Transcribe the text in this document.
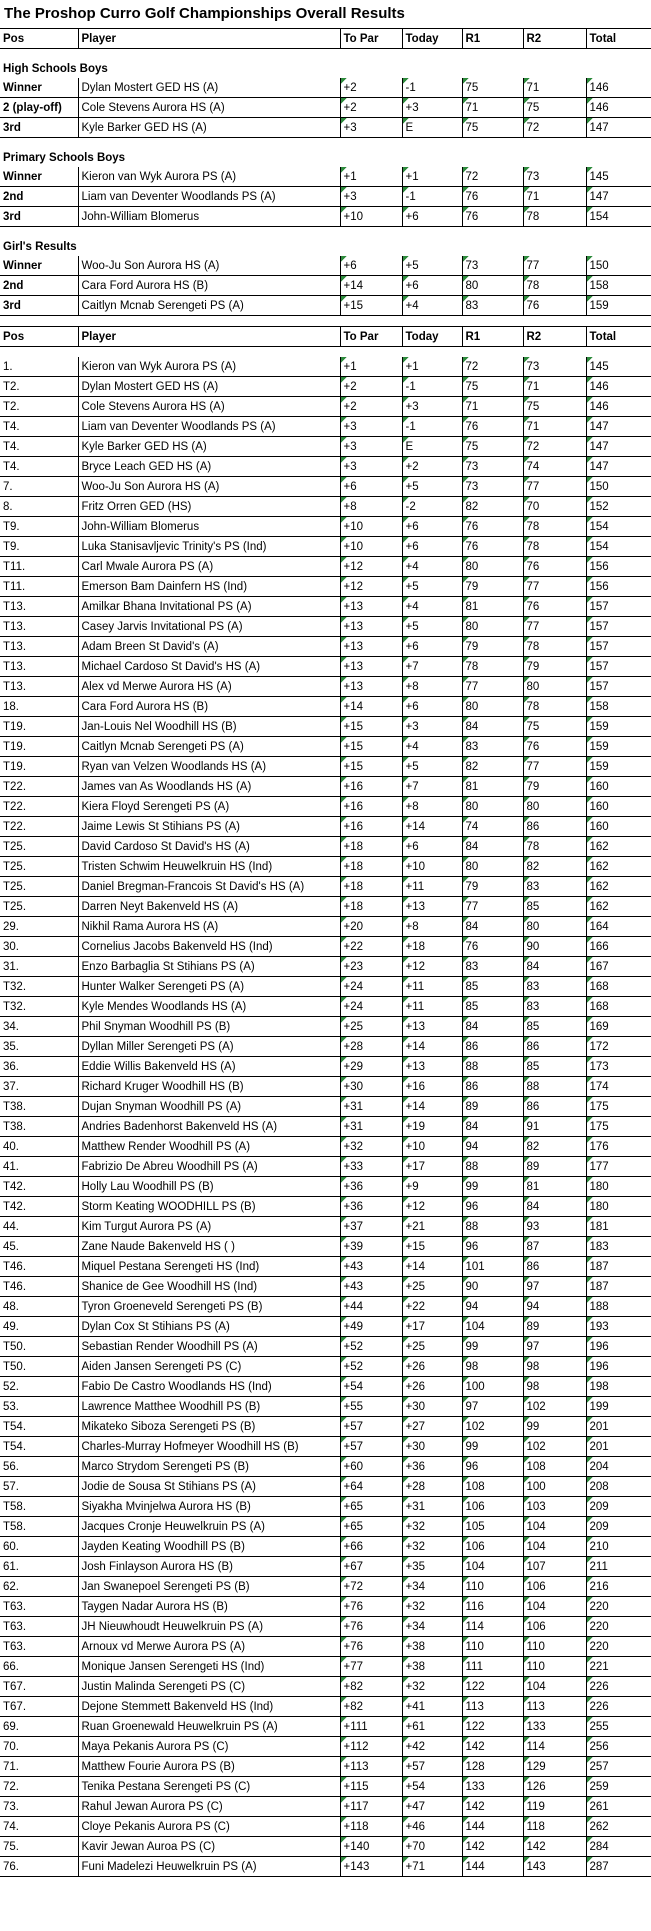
The Proshop Curro Golf Championships Overall Results
Pos	Player	To Par	Today	R1	R2	Total

High Schools Boys						
Winner	Dylan Mostert GED HS (A)	+2	-1	75	71	146
2 (play-off)	Cole Stevens Aurora HS (A)	+2	+3	71	75	146
3rd	Kyle Barker GED HS (A)	+3	E	75	72	147

Primary Schools Boys						
Winner	Kieron van Wyk Aurora PS (A)	+1	+1	72	73	145
2nd	Liam van Deventer Woodlands PS (A)	+3	-1	76	71	147
3rd	John-William Blomerus	+10	+6	76	78	154

Girl's Results						
Winner	Woo-Ju Son Aurora HS (A)	+6	+5	73	77	150
2nd	Cara Ford Aurora HS (B)	+14	+6	80	78	158
3rd	Caitlyn Mcnab Serengeti PS (A)	+15	+4	83	76	159

Pos	Player	To Par	Today	R1	R2	Total

1.	Kieron van Wyk Aurora PS (A)	+1	+1	72	73	145
T2.	Dylan Mostert GED HS (A)	+2	-1	75	71	146
T2.	Cole Stevens Aurora HS (A)	+2	+3	71	75	146
T4.	Liam van Deventer Woodlands PS (A)	+3	-1	76	71	147
T4.	Kyle Barker GED HS (A)	+3	E	75	72	147
T4.	Bryce Leach GED HS (A)	+3	+2	73	74	147
7.	Woo-Ju Son Aurora HS (A)	+6	+5	73	77	150
8.	Fritz Orren GED (HS)	+8	-2	82	70	152
T9.	John-William Blomerus	+10	+6	76	78	154
T9.	Luka Stanisavljevic Trinity's PS (Ind)	+10	+6	76	78	154
T11.	Carl Mwale Aurora PS (A)	+12	+4	80	76	156
T11.	Emerson Bam Dainfern HS (Ind)	+12	+5	79	77	156
T13.	Amilkar Bhana Invitational PS (A)	+13	+4	81	76	157
T13.	Casey Jarvis Invitational PS (A)	+13	+5	80	77	157
T13.	Adam Breen St David's (A)	+13	+6	79	78	157
T13.	Michael Cardoso St David's HS (A)	+13	+7	78	79	157
T13.	Alex vd Merwe Aurora HS (A)	+13	+8	77	80	157
18.	Cara Ford Aurora HS (B)	+14	+6	80	78	158
T19.	Jan-Louis Nel Woodhill HS (B)	+15	+3	84	75	159
T19.	Caitlyn Mcnab Serengeti PS (A)	+15	+4	83	76	159
T19.	Ryan van Velzen Woodlands HS (A)	+15	+5	82	77	159
T22.	James van As Woodlands HS (A)	+16	+7	81	79	160
T22.	Kiera Floyd Serengeti PS (A)	+16	+8	80	80	160
T22.	Jaime Lewis St Stihians PS (A)	+16	+14	74	86	160
T25.	David Cardoso St David's HS (A)	+18	+6	84	78	162
T25.	Tristen Schwim Heuwelkruin HS (Ind)	+18	+10	80	82	162
T25.	Daniel Bregman-Francois St David's HS (A)	+18	+11	79	83	162
T25.	Darren Neyt Bakenveld HS (A)	+18	+13	77	85	162
29.	Nikhil Rama Aurora HS (A)	+20	+8	84	80	164
30.	Cornelius Jacobs Bakenveld HS (Ind)	+22	+18	76	90	166
31.	Enzo Barbaglia St Stihians PS (A)	+23	+12	83	84	167
T32.	Hunter Walker Serengeti PS (A)	+24	+11	85	83	168
T32.	Kyle Mendes Woodlands HS (A)	+24	+11	85	83	168
34.	Phil Snyman Woodhill PS (B)	+25	+13	84	85	169
35.	Dyllan Miller Serengeti PS (A)	+28	+14	86	86	172
36.	Eddie Willis Bakenveld HS (A)	+29	+13	88	85	173
37.	Richard Kruger Woodhill HS (B)	+30	+16	86	88	174
T38.	Dujan Snyman Woodhill PS (A)	+31	+14	89	86	175
T38.	Andries Badenhorst Bakenveld HS (A)	+31	+19	84	91	175
40.	Matthew Render Woodhill PS (A)	+32	+10	94	82	176
41.	Fabrizio De Abreu Woodhill PS (A)	+33	+17	88	89	177
T42.	Holly Lau Woodhill PS (B)	+36	+9	99	81	180
T42.	Storm Keating WOODHILL PS (B)	+36	+12	96	84	180
44.	Kim Turgut Aurora PS (A)	+37	+21	88	93	181
45.	Zane Naude Bakenveld HS ( )	+39	+15	96	87	183
T46.	Miquel Pestana Serengeti HS (Ind)	+43	+14	101	86	187
T46.	Shanice de Gee Woodhill HS (Ind)	+43	+25	90	97	187
48.	Tyron Groeneveld Serengeti PS (B)	+44	+22	94	94	188
49.	Dylan Cox St Stihians PS (A)	+49	+17	104	89	193
T50.	Sebastian Render Woodhill PS (A)	+52	+25	99	97	196
T50.	Aiden Jansen Serengeti PS (C)	+52	+26	98	98	196
52.	Fabio De Castro Woodlands HS (Ind)	+54	+26	100	98	198
53.	Lawrence Matthee Woodhill PS (B)	+55	+30	97	102	199
T54.	Mikateko Siboza Serengeti PS (B)	+57	+27	102	99	201
T54.	Charles-Murray Hofmeyer Woodhill HS (B)	+57	+30	99	102	201
56.	Marco Strydom Serengeti PS (B)	+60	+36	96	108	204
57.	Jodie de Sousa St Stihians PS (A)	+64	+28	108	100	208
T58.	Siyakha Mvinjelwa Aurora HS (B)	+65	+31	106	103	209
T58.	Jacques Cronje Heuwelkruin PS (A)	+65	+32	105	104	209
60.	Jayden Keating Woodhill PS (B)	+66	+32	106	104	210
61.	Josh Finlayson Aurora HS (B)	+67	+35	104	107	211
62.	Jan Swanepoel Serengeti PS (B)	+72	+34	110	106	216
T63.	Taygen Nadar Aurora HS (B)	+76	+32	116	104	220
T63.	JH Nieuwhoudt Heuwelkruin PS (A)	+76	+34	114	106	220
T63.	Arnoux vd Merwe Aurora PS (A)	+76	+38	110	110	220
66.	Monique Jansen Serengeti HS (Ind)	+77	+38	111	110	221
T67.	Justin Malinda Serengeti PS (C)	+82	+32	122	104	226
T67.	Dejone Stemmett Bakenveld HS (Ind)	+82	+41	113	113	226
69.	Ruan Groenewald Heuwelkruin PS (A)	+111	+61	122	133	255
70.	Maya Pekanis Aurora PS (C)	+112	+42	142	114	256
71.	Matthew Fourie Aurora PS (B)	+113	+57	128	129	257
72.	Tenika Pestana Serengeti PS (C)	+115	+54	133	126	259
73.	Rahul Jewan Aurora PS (C)	+117	+47	142	119	261
74.	Cloye Pekanis Aurora PS (C)	+118	+46	144	118	262
75.	Kavir Jewan Auroa PS (C)	+140	+70	142	142	284
76.	Funi Madelezi Heuwelkruin PS (A)	+143	+71	144	143	287
